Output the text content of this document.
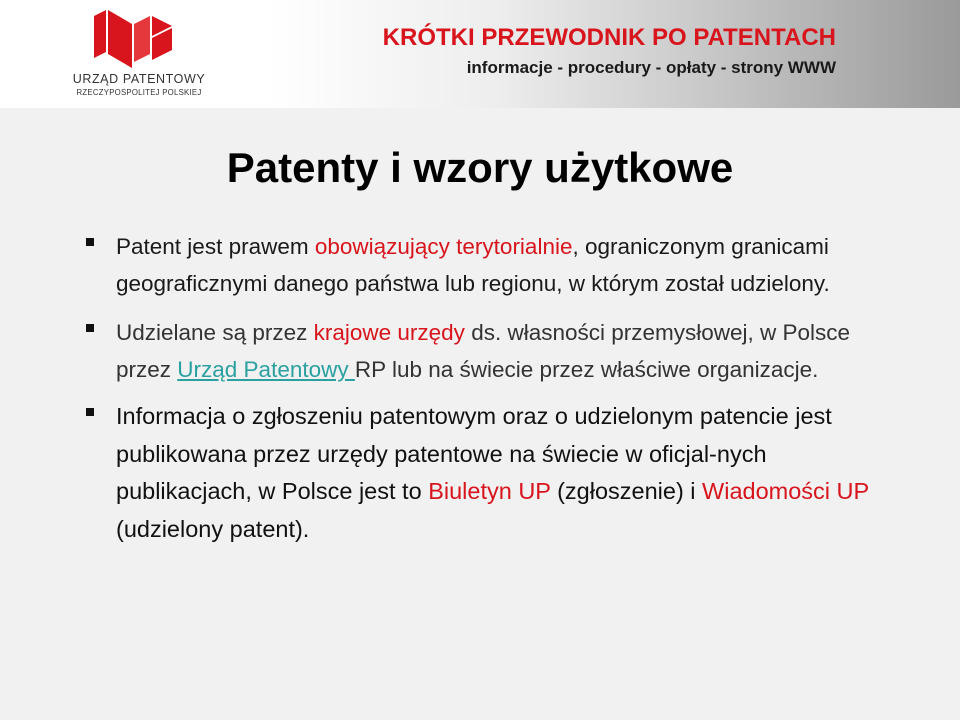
URZĄD PATENTOWY
RZECZYPOSPOLITEJ POLSKIEJ
KRÓTKI PRZEWODNIK PO PATENTACH
informacje - procedury - opłaty - strony WWW
Patenty i wzory użytkowe
Patent jest prawem obowiązujący terytorialnie, ograniczonym granicami geograficznymi danego państwa lub regionu, w którym został udzielony.
Udzielane są przez krajowe urzędy ds. własności przemysłowej, w Polsce przez Urząd Patentowy RP lub na świecie przez właściwe organizacje.
Informacja o zgłoszeniu patentowym oraz o udzielonym patencie jest publikowana przez urzędy patentowe na świecie w oficjal-nych publikacjach, w Polsce jest to Biuletyn UP (zgłoszenie) i Wiadomości UP (udzielony patent).
